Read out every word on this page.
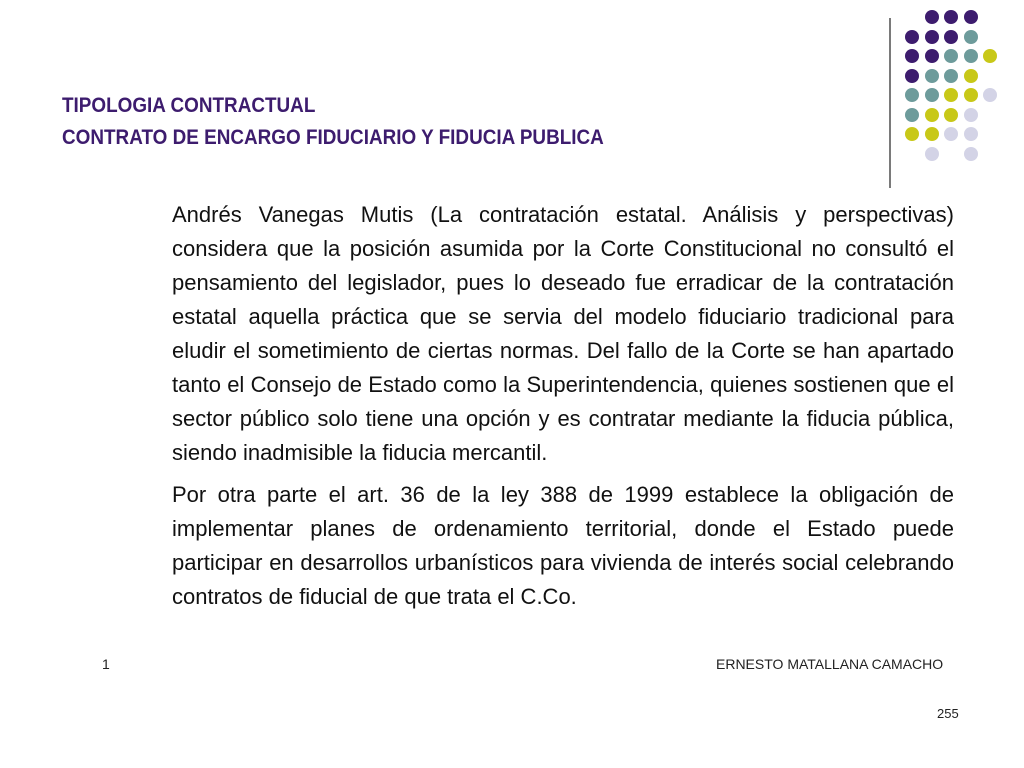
TIPOLOGIA CONTRACTUAL
CONTRATO DE ENCARGO FIDUCIARIO Y FIDUCIA PUBLICA

Andrés Vanegas Mutis (La contratación estatal. Análisis y perspectivas) considera que la posición asumida por la Corte Constitucional no consultó el pensamiento del legislador, pues lo deseado fue erradicar de la contratación estatal aquella práctica que se servia del modelo fiduciario tradicional para eludir el sometimiento de ciertas normas. Del fallo de la Corte se han apartado tanto el Consejo de Estado como la Superintendencia, quienes sostienen que el sector público solo tiene una opción y es contratar mediante la fiducia pública, siendo inadmisible la fiducia mercantil.

Por otra parte el art. 36 de la ley 388 de 1999 establece la obligación de implementar planes de ordenamiento territorial, donde el Estado puede participar en desarrollos urbanísticos para vivienda de interés social celebrando contratos de fiducial de que trata el C.Co.

1	ERNESTO MATALLANA CAMACHO
255
